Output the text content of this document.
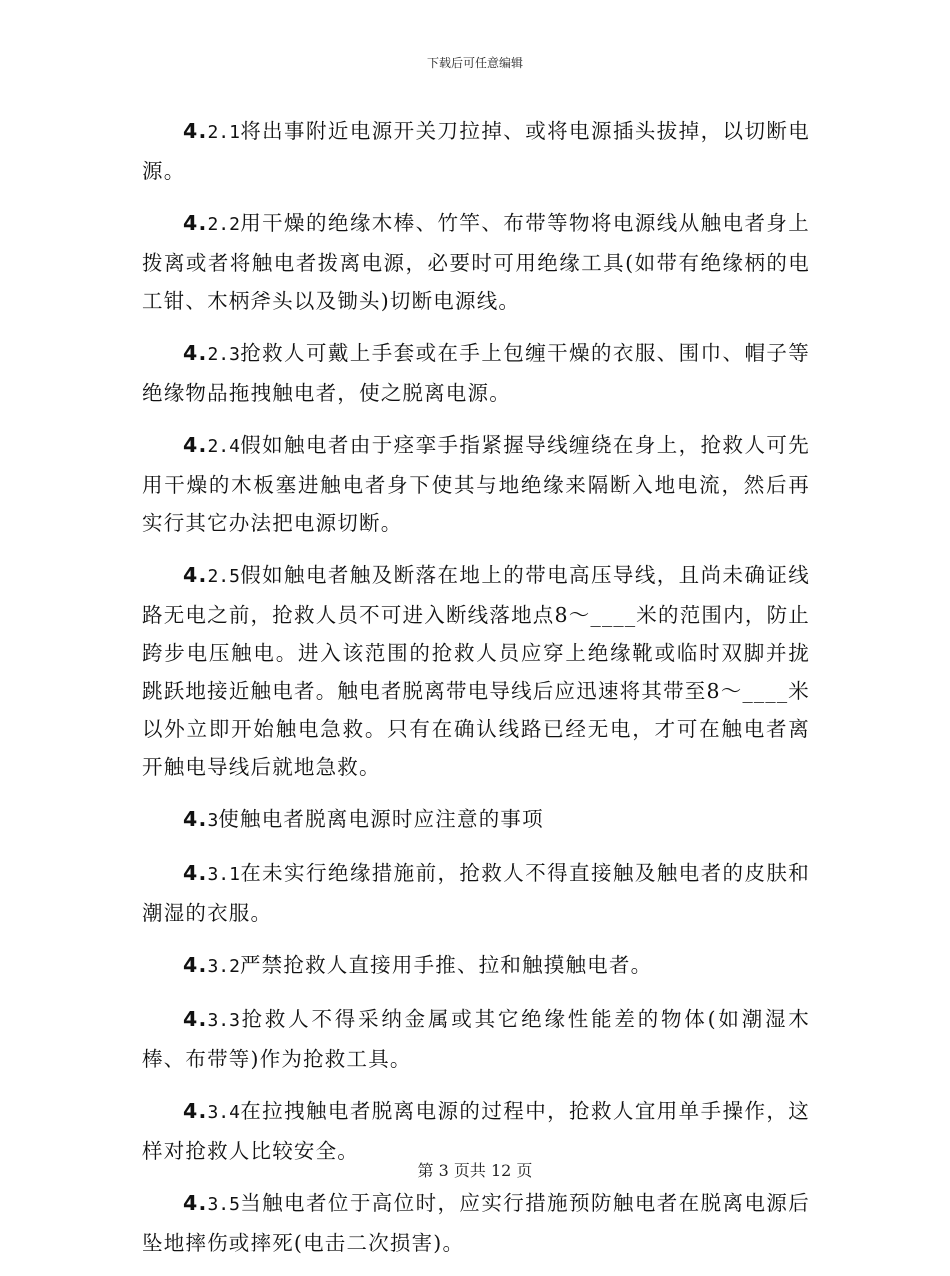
下载后可任意编辑

4.2.1将出事附近电源开关刀拉掉、或将电源插头拔掉，以切断电源。

4.2.2用干燥的绝缘木棒、竹竿、布带等物将电源线从触电者身上拨离或者将触电者拨离电源，必要时可用绝缘工具(如带有绝缘柄的电工钳、木柄斧头以及锄头)切断电源线。

4.2.3抢救人可戴上手套或在手上包缠干燥的衣服、围巾、帽子等绝缘物品拖拽触电者，使之脱离电源。

4.2.4假如触电者由于痉挛手指紧握导线缠绕在身上，抢救人可先用干燥的木板塞进触电者身下使其与地绝缘来隔断入地电流，然后再实行其它办法把电源切断。

4.2.5假如触电者触及断落在地上的带电高压导线，且尚未确证线路无电之前，抢救人员不可进入断线落地点8～____米的范围内，防止跨步电压触电。进入该范围的抢救人员应穿上绝缘靴或临时双脚并拢跳跃地接近触电者。触电者脱离带电导线后应迅速将其带至8～____米以外立即开始触电急救。只有在确认线路已经无电，才可在触电者离开触电导线后就地急救。

4.3使触电者脱离电源时应注意的事项

4.3.1在未实行绝缘措施前，抢救人不得直接触及触电者的皮肤和潮湿的衣服。

4.3.2严禁抢救人直接用手推、拉和触摸触电者。

4.3.3抢救人不得采纳金属或其它绝缘性能差的物体(如潮湿木棒、布带等)作为抢救工具。

4.3.4在拉拽触电者脱离电源的过程中，抢救人宜用单手操作，这样对抢救人比较安全。

4.3.5当触电者位于高位时，应实行措施预防触电者在脱离电源后坠地摔伤或摔死(电击二次损害)。

第 3 页共 12 页
